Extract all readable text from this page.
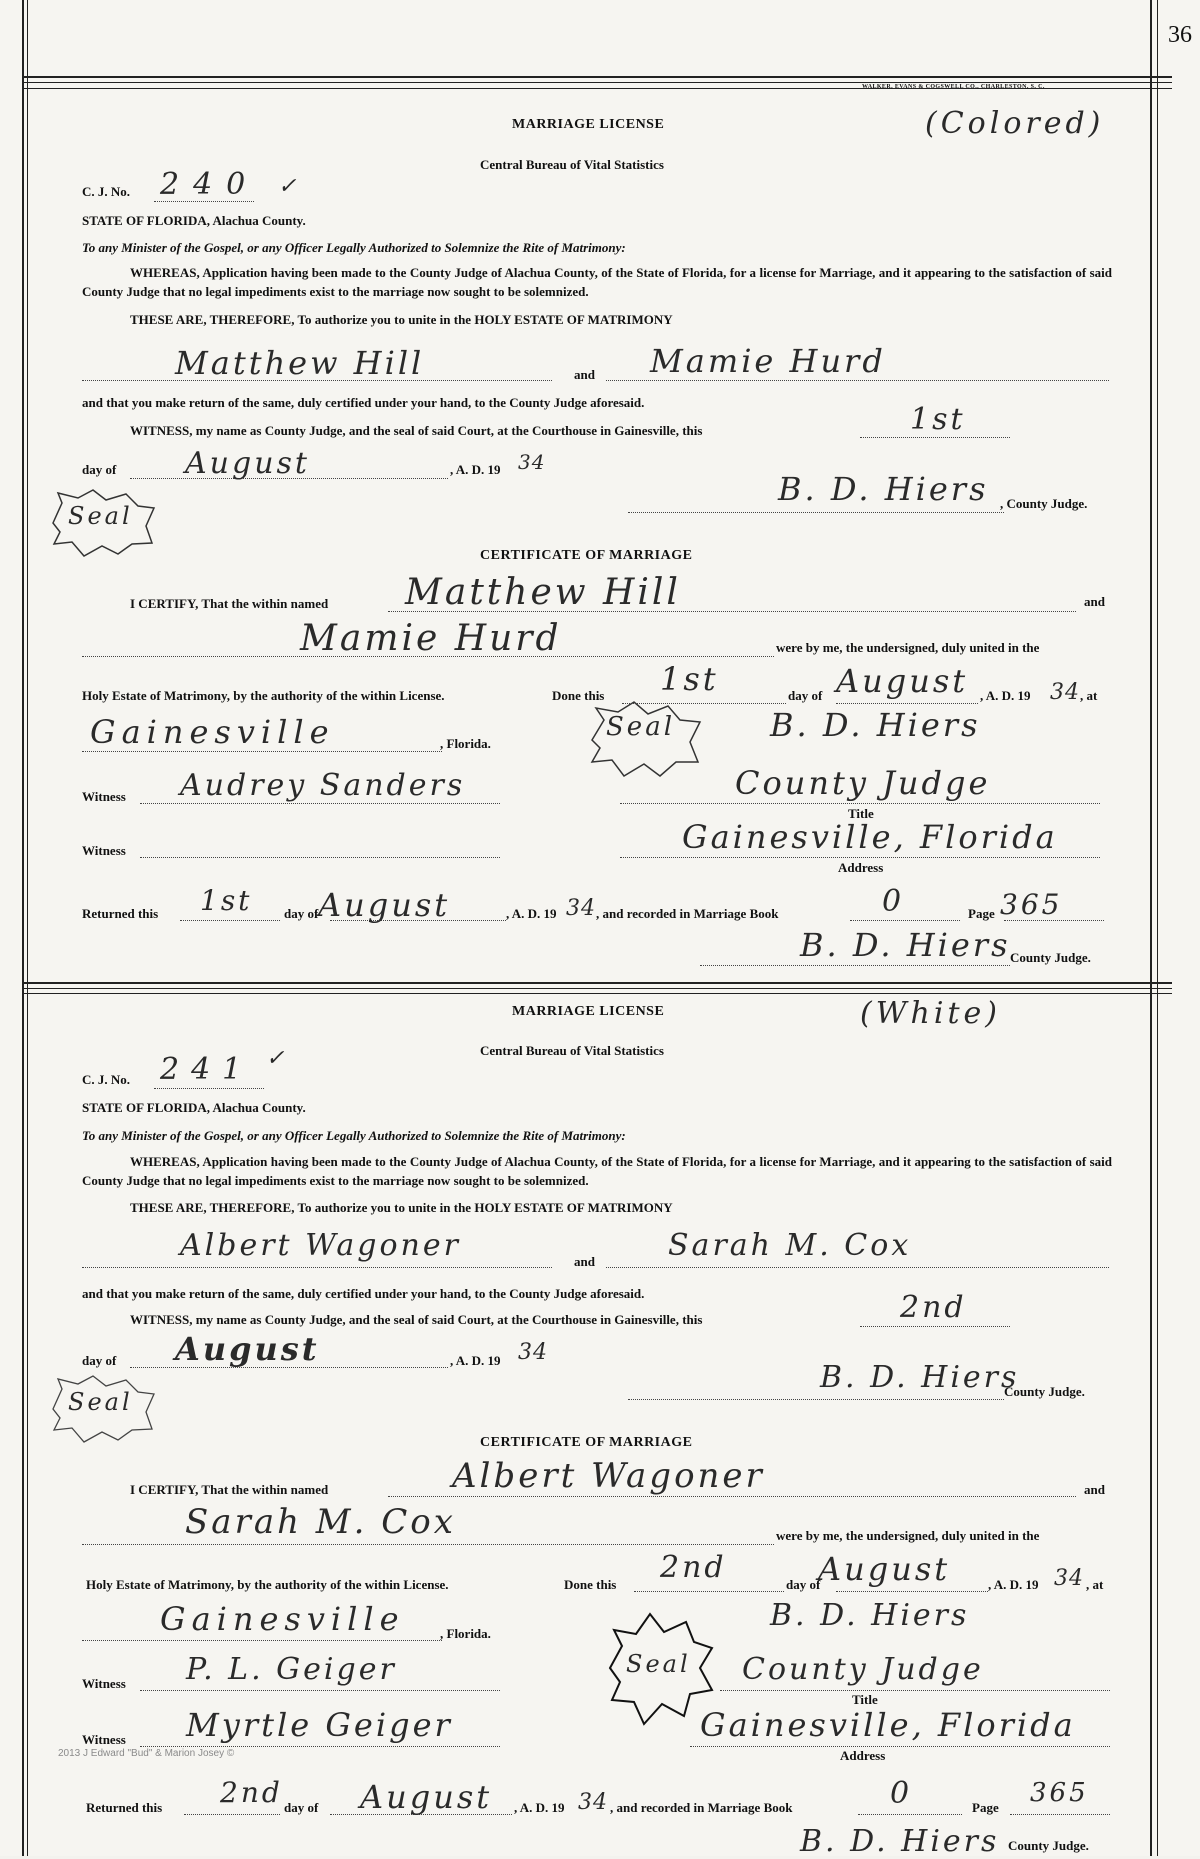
36
WALKER, EVANS & COGSWELL CO., CHARLESTON, S. C.
(Colored)
MARRIAGE LICENSE
Central Bureau of Vital Statistics
C. J. No. 240 ✓
STATE OF FLORIDA, Alachua County.
To any Minister of the Gospel, or any Officer Legally Authorized to Solemnize the Rite of Matrimony:
WHEREAS, Application having been made to the County Judge of Alachua County, of the State of Florida, for a license for Marriage, and it appearing to the satisfaction of said County Judge that no legal impediments exist to the marriage now sought to be solemnized.
THESE ARE, THEREFORE, To authorize you to unite in the HOLY ESTATE OF MATRIMONY
Matthew Hill	and Mamie Hurd
and that you make return of the same, duly certified under your hand, to the County Judge aforesaid.
WITNESS, my name as County Judge, and the seal of said Court, at the Courthouse in Gainesville, this	1st
day of August	, A. D. 19 34
Seal
B. D. Hiers , County Judge.
CERTIFICATE OF MARRIAGE
I CERTIFY, That the within named Matthew Hill	and
Mamie Hurd	were by me, the undersigned, duly united in the
Holy Estate of Matrimony, by the authority of the within License.	Done this 1st	day of August , A. D. 19 34 , at
Gainesville	, Florida.
Seal	B. D. Hiers
Witness Audrey Sanders	County Judge
Title
Witness	Gainesville, Florida
Address
Returned this 1st day of August	, A. D. 19 34 , and recorded in Marriage Book	0	Page 365
B. D. Hiers County Judge.
(White)
MARRIAGE LICENSE
Central Bureau of Vital Statistics
C. J. No. 241 ✓
STATE OF FLORIDA, Alachua County.
To any Minister of the Gospel, or any Officer Legally Authorized to Solemnize the Rite of Matrimony:
WHEREAS, Application having been made to the County Judge of Alachua County, of the State of Florida, for a license for Marriage, and it appearing to the satisfaction of said County Judge that no legal impediments exist to the marriage now sought to be solemnized.
THESE ARE, THEREFORE, To authorize you to unite in the HOLY ESTATE OF MATRIMONY
Albert Wagoner	and Sarah M. Cox
and that you make return of the same, duly certified under your hand, to the County Judge aforesaid.
WITNESS, my name as County Judge, and the seal of said Court, at the Courthouse in Gainesville, this	2nd
day of August	, A. D. 19 34
Seal
B. D. Hiers
County Judge.
CERTIFICATE OF MARRIAGE
I CERTIFY, That the within named	Albert Wagoner	and
Sarah M. Cox	were by me, the undersigned, duly united in the
Holy Estate of Matrimony, by the authority of the within License.	Done this 2nd	day of
August	, A. D. 19 34 , at
Gainesville	, Florida.
Seal
B. D. Hiers
Witness P. L. Geiger	County Judge
Title
Witness Myrtle Geiger	Gainesville, Florida
Address
2013 J Edward "Bud" & Marion Josey ©
Returned this 2nd day of August , A. D. 19 34 , and recorded in Marriage Book	0	Page 365
B. D. Hiers County Judge.
